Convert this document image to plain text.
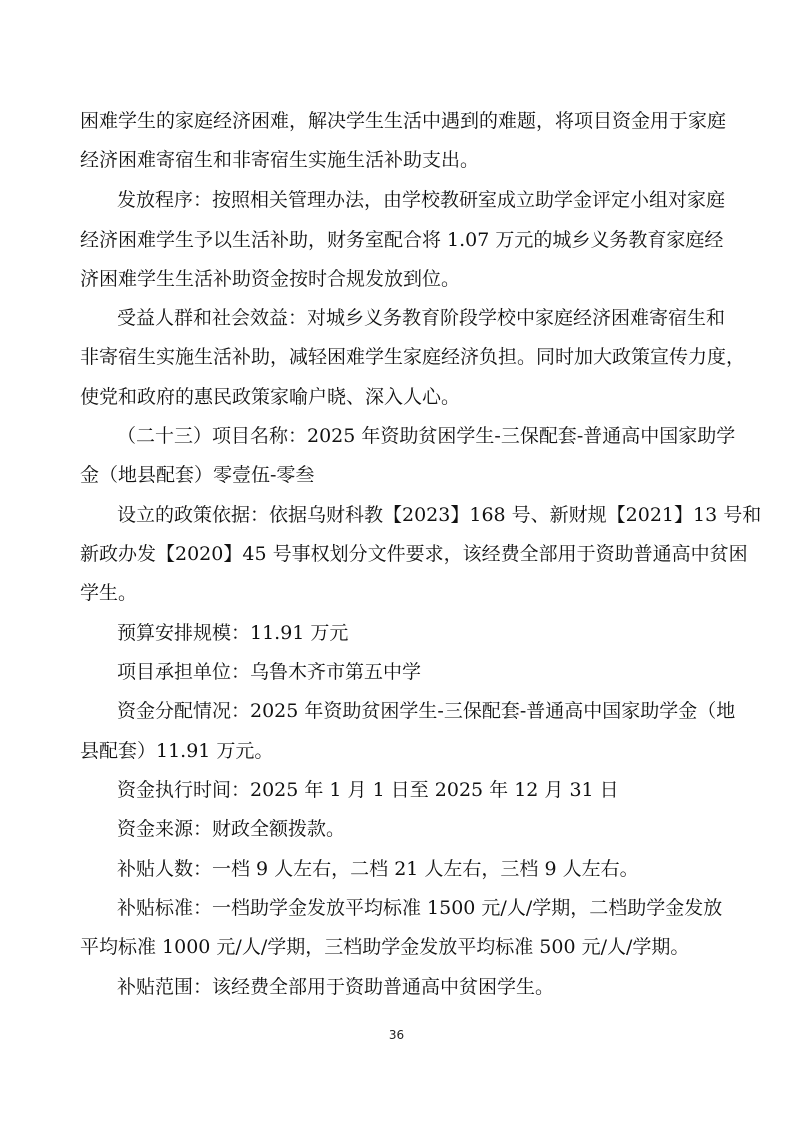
困难学生的家庭经济困难，解决学生生活中遇到的难题，将项目资金用于家庭

经济困难寄宿生和非寄宿生实施生活补助支出。

发放程序：按照相关管理办法，由学校教研室成立助学金评定小组对家庭

经济困难学生予以生活补助，财务室配合将 1.07 万元的城乡义务教育家庭经

济困难学生生活补助资金按时合规发放到位。

受益人群和社会效益：对城乡义务教育阶段学校中家庭经济困难寄宿生和

非寄宿生实施生活补助，减轻困难学生家庭经济负担。同时加大政策宣传力度，

使党和政府的惠民政策家喻户晓、深入人心。

（二十三）项目名称：2025 年资助贫困学生-三保配套-普通高中国家助学

金（地县配套）零壹伍-零叁

设立的政策依据：依据乌财科教【2023】168 号、新财规【2021】13 号和

新政办发【2020】45 号事权划分文件要求，该经费全部用于资助普通高中贫困

学生。

预算安排规模：11.91 万元

项目承担单位：乌鲁木齐市第五中学

资金分配情况：2025 年资助贫困学生-三保配套-普通高中国家助学金（地

县配套）11.91 万元。

资金执行时间：2025 年 1 月 1 日至 2025 年 12 月 31 日

资金来源：财政全额拨款。

补贴人数：一档 9 人左右，二档 21 人左右，三档 9 人左右。

补贴标准：一档助学金发放平均标准 1500 元/人/学期，二档助学金发放

平均标准 1000 元/人/学期，三档助学金发放平均标准 500 元/人/学期。

补贴范围：该经费全部用于资助普通高中贫困学生。

36
